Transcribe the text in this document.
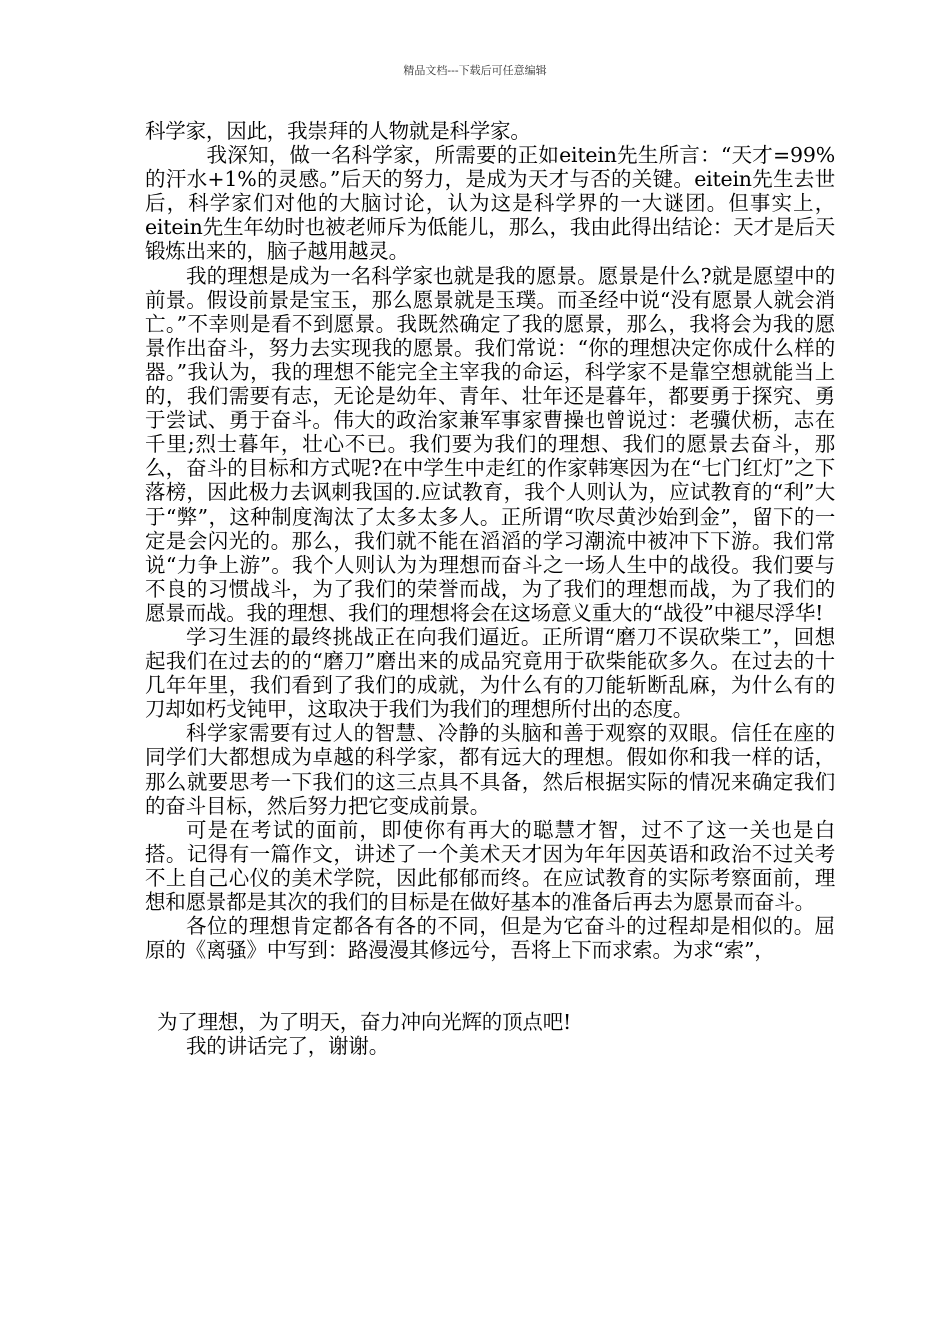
精品文档---下载后可任意编辑

科学家，因此，我崇拜的人物就是科学家。

我深知，做一名科学家，所需要的正如eitein先生所言：“天才=99%的汗水+1%的灵感。”后天的努力，是成为天才与否的关键。eitein先生去世后，科学家们对他的大脑讨论，认为这是科学界的一大谜团。但事实上，eitein先生年幼时也被老师斥为低能儿，那么，我由此得出结论：天才是后天锻炼出来的，脑子越用越灵。

我的理想是成为一名科学家也就是我的愿景。愿景是什么?就是愿望中的前景。假设前景是宝玉，那么愿景就是玉璞。而圣经中说“没有愿景人就会消亡。”不幸则是看不到愿景。我既然确定了我的愿景，那么，我将会为我的愿景作出奋斗，努力去实现我的愿景。我们常说：“你的理想决定你成什么样的器。”我认为，我的理想不能完全主宰我的命运，科学家不是靠空想就能当上的，我们需要有志，无论是幼年、青年、壮年还是暮年，都要勇于探究、勇于尝试、勇于奋斗。伟大的政治家兼军事家曹操也曾说过：老骥伏枥，志在千里;烈士暮年，壮心不已。我们要为我们的理想、我们的愿景去奋斗，那么，奋斗的目标和方式呢?在中学生中走红的作家韩寒因为在“七门红灯”之下落榜，因此极力去讽刺我国的.应试教育，我个人则认为，应试教育的“利”大于“弊”，这种制度淘汰了太多太多人。正所谓“吹尽黄沙始到金”，留下的一定是会闪光的。那么，我们就不能在滔滔的学习潮流中被冲下下游。我们常说“力争上游”。我个人则认为为理想而奋斗之一场人生中的战役。我们要与不良的习惯战斗，为了我们的荣誉而战，为了我们的理想而战，为了我们的愿景而战。我的理想、我们的理想将会在这场意义重大的“战役”中褪尽浮华!

学习生涯的最终挑战正在向我们逼近。正所谓“磨刀不误砍柴工”，回想起我们在过去的的“磨刀”磨出来的成品究竟用于砍柴能砍多久。在过去的十几年年里，我们看到了我们的成就，为什么有的刀能斩断乱麻，为什么有的刀却如朽戈钝甲，这取决于我们为我们的理想所付出的态度。

科学家需要有过人的智慧、冷静的头脑和善于观察的双眼。信任在座的同学们大都想成为卓越的科学家，都有远大的理想。假如你和我一样的话，那么就要思考一下我们的这三点具不具备，然后根据实际的情况来确定我们的奋斗目标，然后努力把它变成前景。

可是在考试的面前，即使你有再大的聪慧才智，过不了这一关也是白搭。记得有一篇作文，讲述了一个美术天才因为年年因英语和政治不过关考不上自己心仪的美术学院，因此郁郁而终。在应试教育的实际考察面前，理想和愿景都是其次的我们的目标是在做好基本的准备后再去为愿景而奋斗。

各位的理想肯定都各有各的不同，但是为它奋斗的过程却是相似的。屈原的《离骚》中写到：路漫漫其修远兮，吾将上下而求索。为求“索”，

为了理想，为了明天，奋力冲向光辉的顶点吧!

我的讲话完了，谢谢。
